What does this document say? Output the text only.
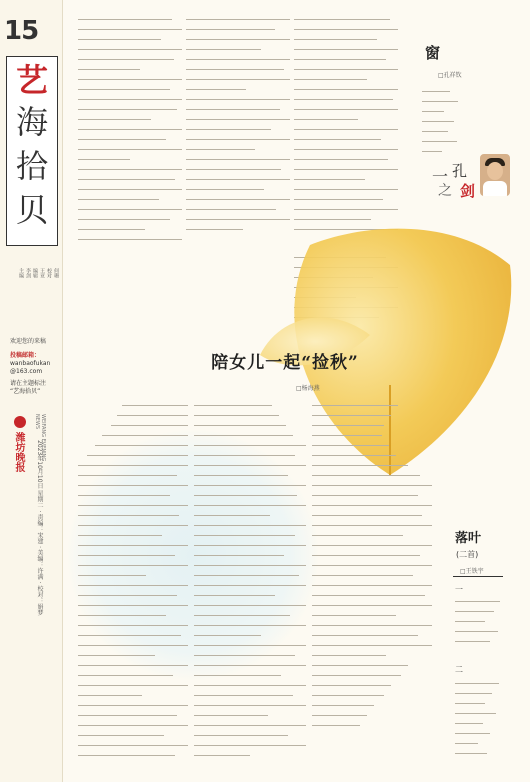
15
艺
海
拾
贝
主编 李剑 编辑 王亚 校对 何珊
欢迎您的来稿
投稿邮箱：
wanbaofukan
@163.com
请在主题标注
“艺海拾贝”
潍坊晚报	WEIFANG EVENING NEWS
2023年10月10日 星期二 · 责编：宋建 · 美编：许满 · 校对：娟梦
窗
□孔祥钦
一 孔
之 剑
陪女儿一起“捡秋”
□杨海燕
落叶
(二首)
□王铁宇
一
二
